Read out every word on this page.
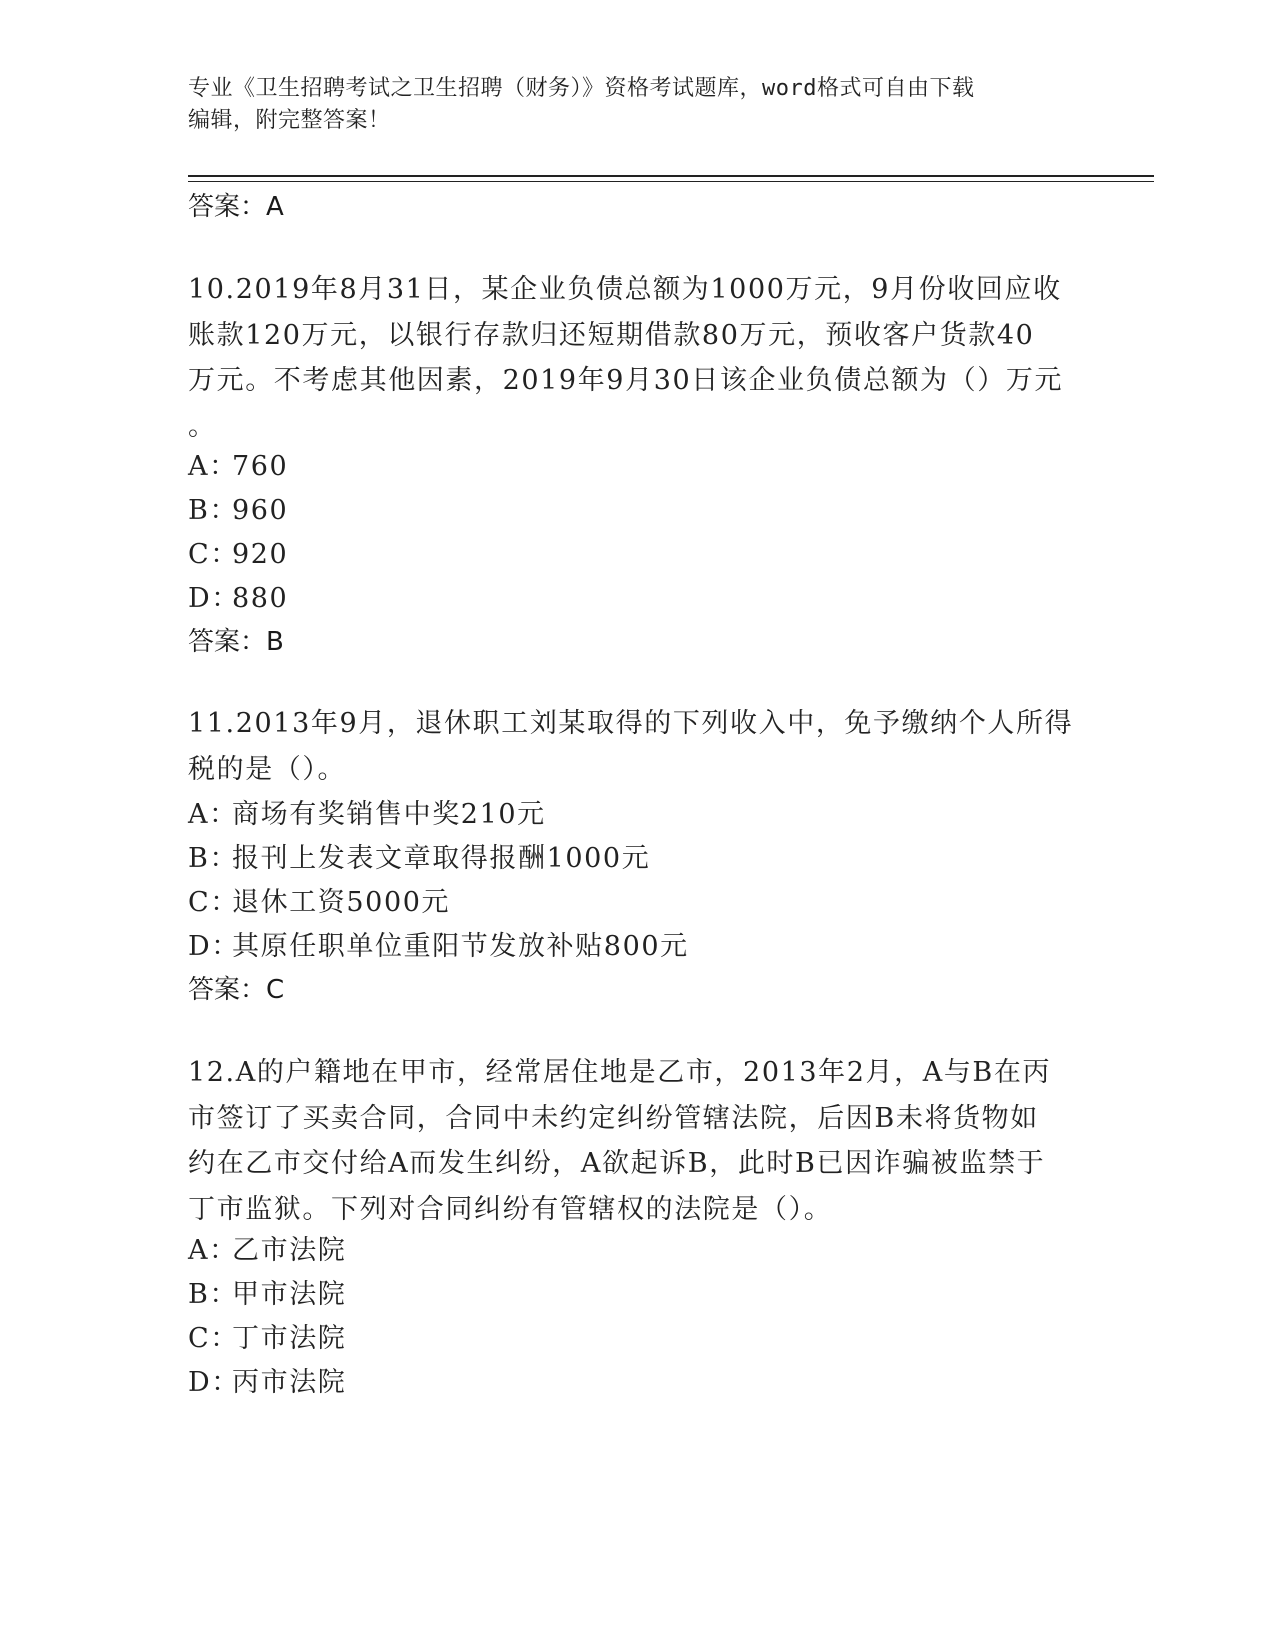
专业《卫生招聘考试之卫生招聘（财务）》资格考试题库，word格式可自由下载
编辑，附完整答案！
答案：A
10.2019年8月31日，某企业负债总额为1000万元，9月份收回应收
账款120万元，以银行存款归还短期借款80万元，预收客户货款40
万元。不考虑其他因素，2019年9月30日该企业负债总额为（）万元
。
A：760
B：960
C：920
D：880
答案：B
11.2013年9月，退休职工刘某取得的下列收入中，免予缴纳个人所得
税的是（）。
A：商场有奖销售中奖210元
B：报刊上发表文章取得报酬1000元
C：退休工资5000元
D：其原任职单位重阳节发放补贴800元
答案：C
12.A的户籍地在甲市，经常居住地是乙市，2013年2月，A与B在丙
市签订了买卖合同，合同中未约定纠纷管辖法院，后因B未将货物如
约在乙市交付给A而发生纠纷，A欲起诉B，此时B已因诈骗被监禁于
丁市监狱。下列对合同纠纷有管辖权的法院是（）。
A：乙市法院
B：甲市法院
C：丁市法院
D：丙市法院
